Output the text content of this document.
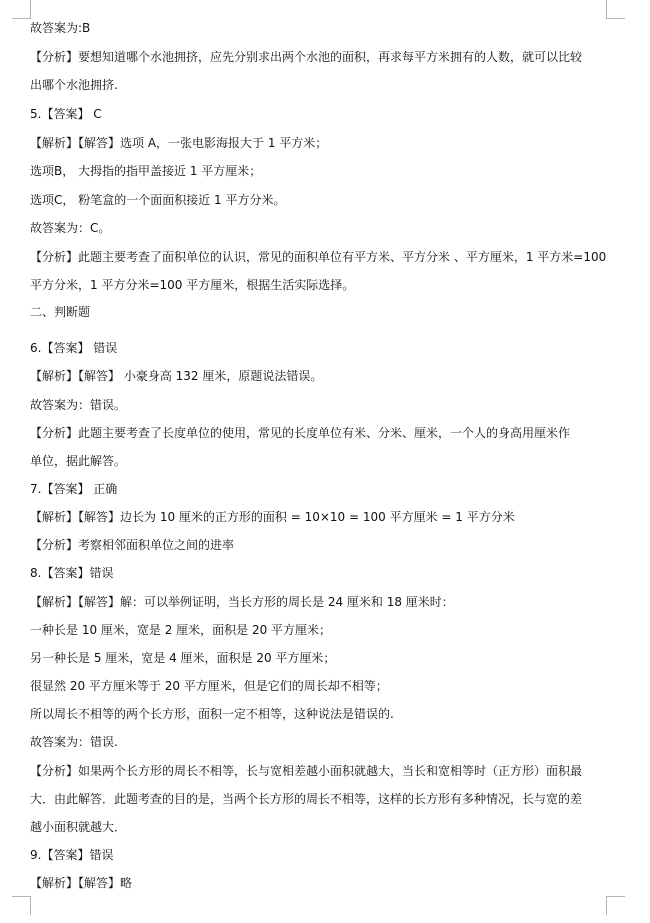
故答案为:B
【分析】要想知道哪个水池拥挤，应先分别求出两个水池的面积，再求每平方米拥有的人数，就可以比较
出哪个水池拥挤.
5.【答案】 C
【解析】【解答】选项 A，一张电影海报大于 1 平方米；
选项B， 大拇指的指甲盖接近 1 平方厘米；
选项C， 粉笔盒的一个面面积接近 1 平方分米。
故答案为：C。
【分析】此题主要考查了面积单位的认识，常见的面积单位有平方米、平方分米 、平方厘米，1 平方米=100
平方分米，1 平方分米=100 平方厘米，根据生活实际选择。
二、判断题
6.【答案】 错误
【解析】【解答】 小豪身高 132 厘米，原题说法错误。
故答案为：错误。
【分析】此题主要考查了长度单位的使用，常见的长度单位有米、分米、厘米，一个人的身高用厘米作
单位，据此解答。
7.【答案】 正确
【解析】【解答】边长为 10 厘米的正方形的面积 = 10×10 = 100 平方厘米 = 1 平方分米
【分析】考察相邻面积单位之间的进率
8.【答案】错误
【解析】【解答】解：可以举例证明，当长方形的周长是 24 厘米和 18 厘米时：
一种长是 10 厘米，宽是 2 厘米，面积是 20 平方厘米；
另一种长是 5 厘米，宽是 4 厘米，面积是 20 平方厘米；
很显然 20 平方厘米等于 20 平方厘米，但是它们的周长却不相等；
所以周长不相等的两个长方形，面积一定不相等，这种说法是错误的.
故答案为：错误.
【分析】如果两个长方形的周长不相等，长与宽相差越小面积就越大，当长和宽相等时（正方形）面积最
大．由此解答．此题考查的目的是，当两个长方形的周长不相等，这样的长方形有多种情况，长与宽的差
越小面积就越大．
9.【答案】错误
【解析】【解答】略
